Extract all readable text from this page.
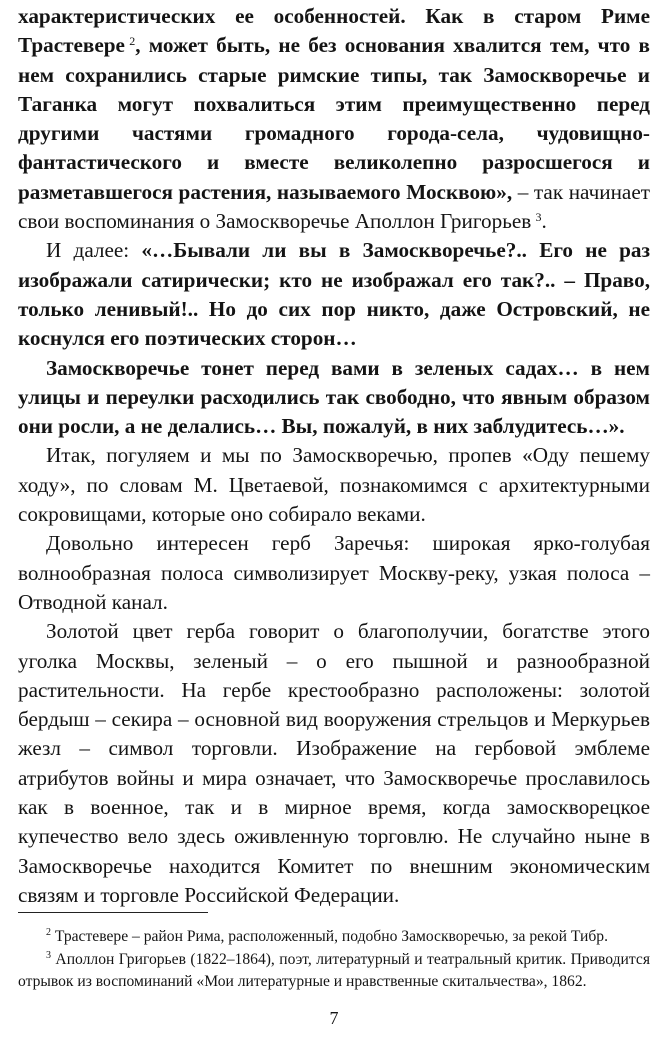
характеристических ее особенностей. Как в старом Риме Трастевере  $^2$, может быть, не без основания хвалится тем, что в нем сохранились старые римские типы, так Замоскворечье и Таганка могут похвалиться этим преимущественно перед другими частями громадного города-села, чудовищно-фантастического и вместе великолепно разросшегося и разметавшегося растения, называемого Москвою», – так начинает свои воспоминания о Замоскворечье Аполлон Григорьев  $^3$.

И далее: «…Бывали ли вы в Замоскворечье?.. Его не раз изображали сатирически; кто не изображал его так?.. – Право, только ленивый!.. Но до сих пор никто, даже Островский, не коснулся его поэтических сторон…

Замоскворечье тонет перед вами в зеленых садах… в нем улицы и переулки расходились так свободно, что явным образом они росли, а не делались… Вы, пожалуй, в них заблудитесь…».

Итак, погуляем и мы по Замоскворечью, пропев «Оду пешему ходу», по словам М. Цветаевой, познакомимся с архитектурными сокровищами, которые оно собирало веками.

Довольно интересен герб Заречья: широкая ярко-голубая волнообразная полоса символизирует Москву-реку, узкая полоса – Отводной канал.

Золотой цвет герба говорит о благополучии, богатстве этого уголка Москвы, зеленый – о его пышной и разнообразной растительности. На гербе крестообразно расположены: золотой бердыш – секира – основной вид вооружения стрельцов и Меркурьев жезл – символ торговли. Изображение на гербовой эмблеме атрибутов войны и мира означает, что Замоскворечье прославилось как в военное, так и в мирное время, когда замоскворецкое купечество вело здесь оживленную торговлю. Не случайно ныне в Замоскворечье находится Комитет по внешним экономическим связям и торговле Российской Федерации.

$^2$ Трастевере – район Рима, расположенный, подобно Замоскворечью, за рекой Тибр.

$^3$ Аполлон Григорьев (1822–1864), поэт, литературный и театральный критик. Приводится отрывок из воспоминаний «Мои литературные и нравственные скитальчества», 1862.

7
